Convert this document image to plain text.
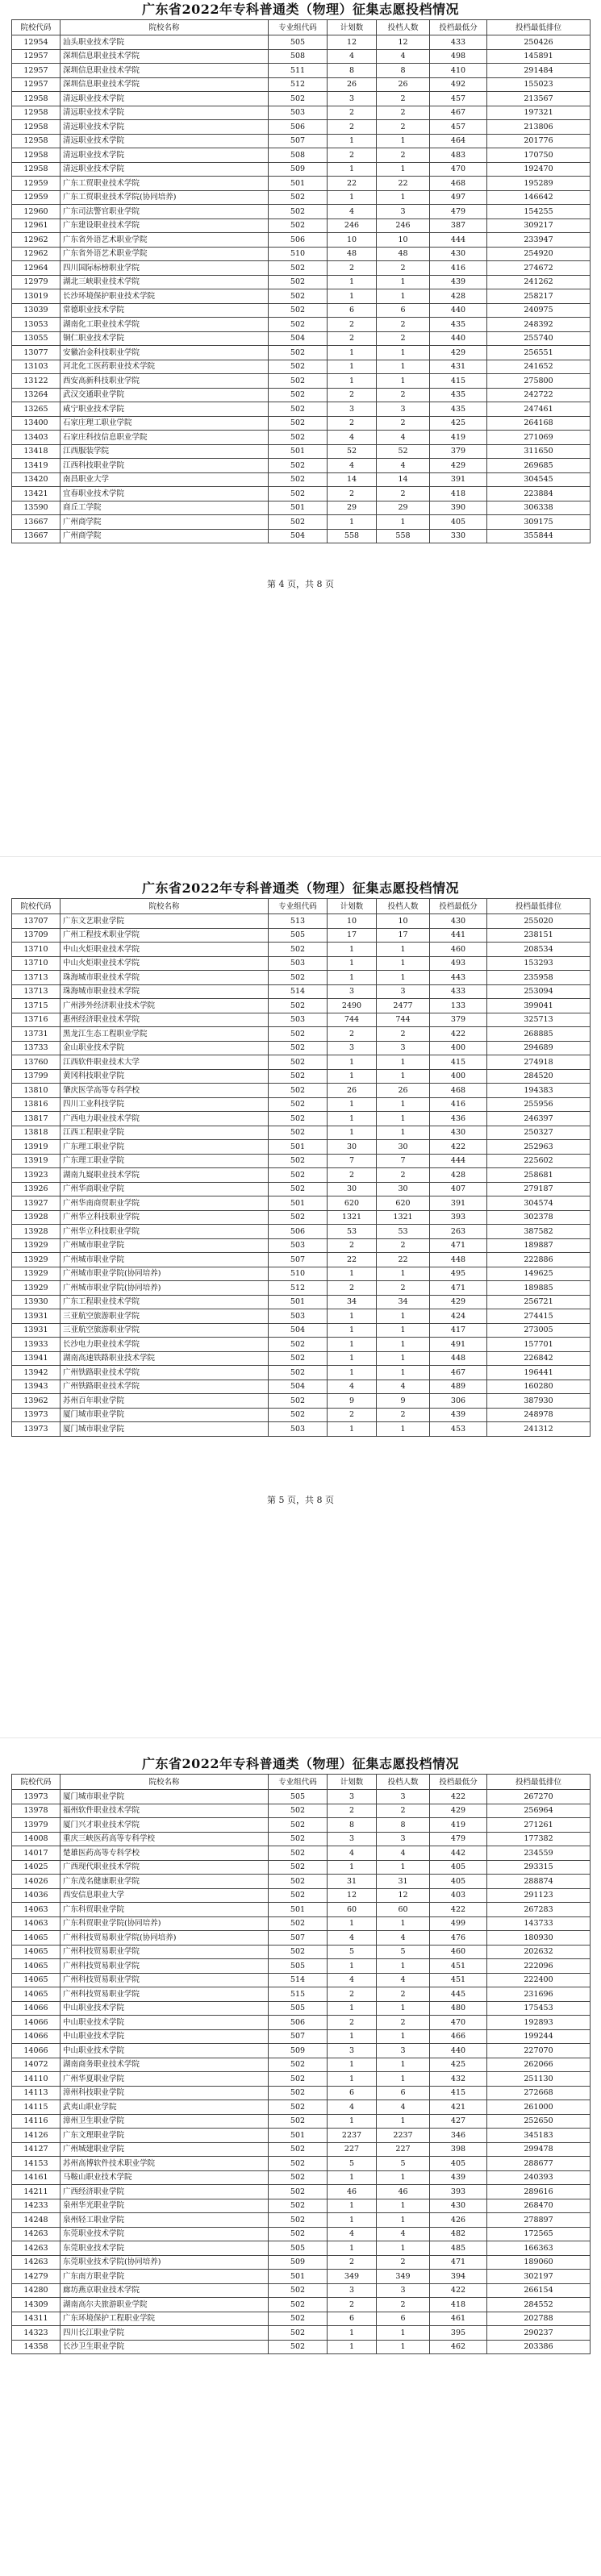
广东省2022年专科普通类（物理）征集志愿投档情况
院校代码	院校名称	专业组代码	计划数	投档人数	投档最低分	投档最低排位
12954	汕头职业技术学院	505	12	12	433	250426
12957	深圳信息职业技术学院	508	4	4	498	145891
12957	深圳信息职业技术学院	511	8	8	410	291484
12957	深圳信息职业技术学院	512	26	26	492	155023
12958	清远职业技术学院	502	3	2	457	213567
12958	清远职业技术学院	503	2	2	467	197321
12958	清远职业技术学院	506	2	2	457	213806
12958	清远职业技术学院	507	1	1	464	201776
12958	清远职业技术学院	508	2	2	483	170750
12958	清远职业技术学院	509	1	1	470	192470
12959	广东工贸职业技术学院	501	22	22	468	195289
12959	广东工贸职业技术学院(协同培养)	502	1	1	497	146642
12960	广东司法警官职业学院	502	4	3	479	154255
12961	广东建设职业技术学院	502	246	246	387	309217
12962	广东省外语艺术职业学院	506	10	10	444	233947
12962	广东省外语艺术职业学院	510	48	48	430	254920
12964	四川国际标榜职业学院	502	2	2	416	274672
12979	湖北三峡职业技术学院	502	1	1	439	241262
13019	长沙环境保护职业技术学院	502	1	1	428	258217
13039	常德职业技术学院	502	6	6	440	240975
13053	湖南化工职业技术学院	502	2	2	435	248392
13055	铜仁职业技术学院	504	2	2	440	255740
13077	安徽冶金科技职业学院	502	1	1	429	256551
13103	河北化工医药职业技术学院	502	1	1	431	241652
13122	西安高新科技职业学院	502	1	1	415	275800
13264	武汉交通职业学院	502	2	2	435	242722
13265	咸宁职业技术学院	502	3	3	435	247461
13400	石家庄理工职业学院	502	2	2	425	264168
13403	石家庄科技信息职业学院	502	4	4	419	271069
13418	江西服装学院	501	52	52	379	311650
13419	江西科技职业学院	502	4	4	429	269685
13420	南昌职业大学	502	14	14	391	304545
13421	宜春职业技术学院	502	2	2	418	223884
13590	商丘工学院	501	29	29	390	306338
13667	广州商学院	502	1	1	405	309175
13667	广州商学院	504	558	558	330	355844
第 4 页，共 8 页
广东省2022年专科普通类（物理）征集志愿投档情况
院校代码	院校名称	专业组代码	计划数	投档人数	投档最低分	投档最低排位
13707	广东文艺职业学院	513	10	10	430	255020
13709	广州工程技术职业学院	505	17	17	441	238151
13710	中山火炬职业技术学院	502	1	1	460	208534
13710	中山火炬职业技术学院	503	1	1	493	153293
13713	珠海城市职业技术学院	502	1	1	443	235958
13713	珠海城市职业技术学院	514	3	3	433	253094
13715	广州涉外经济职业技术学院	502	2490	2477	133	399041
13716	惠州经济职业技术学院	503	744	744	379	325713
13731	黑龙江生态工程职业学院	502	2	2	422	268885
13733	金山职业技术学院	502	3	3	400	294689
13760	江西软件职业技术大学	502	1	1	415	274918
13799	黄冈科技职业学院	502	1	1	400	284520
13810	肇庆医学高等专科学校	502	26	26	468	194383
13816	四川工业科技学院	502	1	1	416	255956
13817	广西电力职业技术学院	502	1	1	436	246397
13818	江西工程职业学院	502	1	1	430	250327
13919	广东理工职业学院	501	30	30	422	252963
13919	广东理工职业学院	502	7	7	444	225602
13923	湖南九嶷职业技术学院	502	2	2	428	258681
13926	广州华商职业学院	502	30	30	407	279187
13927	广州华南商贸职业学院	501	620	620	391	304574
13928	广州华立科技职业学院	502	1321	1321	393	302378
13928	广州华立科技职业学院	506	53	53	263	387582
13929	广州城市职业学院	503	2	2	471	189887
13929	广州城市职业学院	507	22	22	448	222886
13929	广州城市职业学院(协同培养)	510	1	1	495	149625
13929	广州城市职业学院(协同培养)	512	2	2	471	189885
13930	广东工程职业技术学院	501	34	34	429	256721
13931	三亚航空旅游职业学院	503	1	1	424	274415
13931	三亚航空旅游职业学院	504	1	1	417	273005
13933	长沙电力职业技术学院	502	1	1	491	157701
13941	湖南高速铁路职业技术学院	502	1	1	448	226842
13942	广州铁路职业技术学院	502	1	1	467	196441
13943	广州铁路职业技术学院	504	4	4	489	160280
13962	苏州百年职业学院	502	9	9	306	387930
13973	厦门城市职业学院	502	2	2	439	248978
13973	厦门城市职业学院	503	1	1	453	241312
第 5 页，共 8 页
广东省2022年专科普通类（物理）征集志愿投档情况
院校代码	院校名称	专业组代码	计划数	投档人数	投档最低分	投档最低排位
13973	厦门城市职业学院	505	3	3	422	267270
13978	福州软件职业技术学院	502	2	2	429	256964
13979	厦门兴才职业技术学院	502	8	8	419	271261
14008	重庆三峡医药高等专科学校	502	3	3	479	177382
14017	楚雄医药高等专科学校	502	4	4	442	234559
14025	广西现代职业技术学院	502	1	1	405	293315
14026	广东茂名健康职业学院	502	31	31	405	288874
14036	西安信息职业大学	502	12	12	403	291123
14063	广东科贸职业学院	501	60	60	422	267283
14063	广东科贸职业学院(协同培养)	502	1	1	499	143733
14065	广州科技贸易职业学院(协同培养)	507	4	4	476	180930
14065	广州科技贸易职业学院	502	5	5	460	202632
14065	广州科技贸易职业学院	505	1	1	451	222096
14065	广州科技贸易职业学院	514	4	4	451	222400
14065	广州科技贸易职业学院	515	2	2	445	231696
14066	中山职业技术学院	505	1	1	480	175453
14066	中山职业技术学院	506	2	2	470	192893
14066	中山职业技术学院	507	1	1	466	199244
14066	中山职业技术学院	509	3	3	440	227070
14072	湖南商务职业技术学院	502	1	1	425	262066
14110	广州华夏职业学院	502	1	1	432	251130
14113	漳州科技职业学院	502	6	6	415	272668
14115	武夷山职业学院	502	4	4	421	261000
14116	漳州卫生职业学院	502	1	1	427	252650
14126	广东文理职业学院	501	2237	2237	346	345183
14127	广州城建职业学院	502	227	227	398	299478
14153	苏州高博软件技术职业学院	502	5	5	405	288677
14161	马鞍山职业技术学院	502	1	1	439	240393
14211	广西经济职业学院	502	46	46	393	289616
14233	泉州华光职业学院	502	1	1	430	268470
14248	泉州轻工职业学院	502	1	1	426	278897
14263	东莞职业技术学院	502	4	4	482	172565
14263	东莞职业技术学院	505	1	1	485	166363
14263	东莞职业技术学院(协同培养)	509	2	2	471	189060
14279	广东南方职业学院	501	349	349	394	302197
14280	廊坊燕京职业技术学院	502	3	3	422	266154
14309	湖南高尔夫旅游职业学院	502	2	2	418	284552
14311	广东环境保护工程职业学院	502	6	6	461	202788
14323	四川长江职业学院	502	1	1	395	290237
14358	长沙卫生职业学院	502	1	1	462	203386
